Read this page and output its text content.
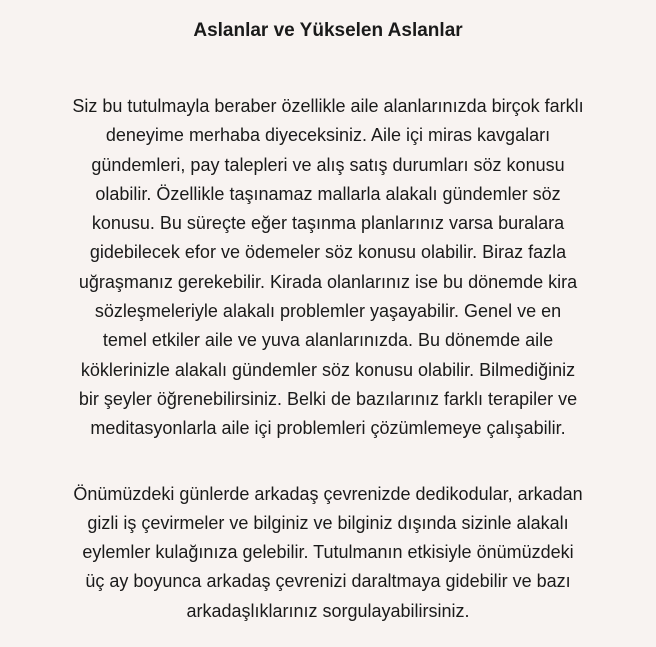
Aslanlar ve Yükselen Aslanlar

Siz bu tutulmayla beraber özellikle aile alanlarınızda birçok farklı
deneyime merhaba diyeceksiniz. Aile içi miras kavgaları
gündemleri, pay talepleri ve alış satış durumları söz konusu
olabilir. Özellikle taşınamaz mallarla alakalı gündemler söz
konusu. Bu süreçte eğer taşınma planlarınız varsa buralara
gidebilecek efor ve ödemeler söz konusu olabilir. Biraz fazla
uğraşmanız gerekebilir. Kirada olanlarınız ise bu dönemde kira
sözleşmeleriyle alakalı problemler yaşayabilir. Genel ve en
temel etkiler aile ve yuva alanlarınızda. Bu dönemde aile
köklerinizle alakalı gündemler söz konusu olabilir. Bilmediğiniz
bir şeyler öğrenebilirsiniz. Belki de bazılarınız farklı terapiler ve
meditasyonlarla aile içi problemleri çözümlemeye çalışabilir.

Önümüzdeki günlerde arkadaş çevrenizde dedikodular, arkadan
gizli iş çevirmeler ve bilginiz ve bilginiz dışında sizinle alakalı
eylemler kulağınıza gelebilir. Tutulmanın etkisiyle önümüzdeki
üç ay boyunca arkadaş çevrenizi daraltmaya gidebilir ve bazı
arkadaşlıklarınız sorgulayabilirsiniz.
